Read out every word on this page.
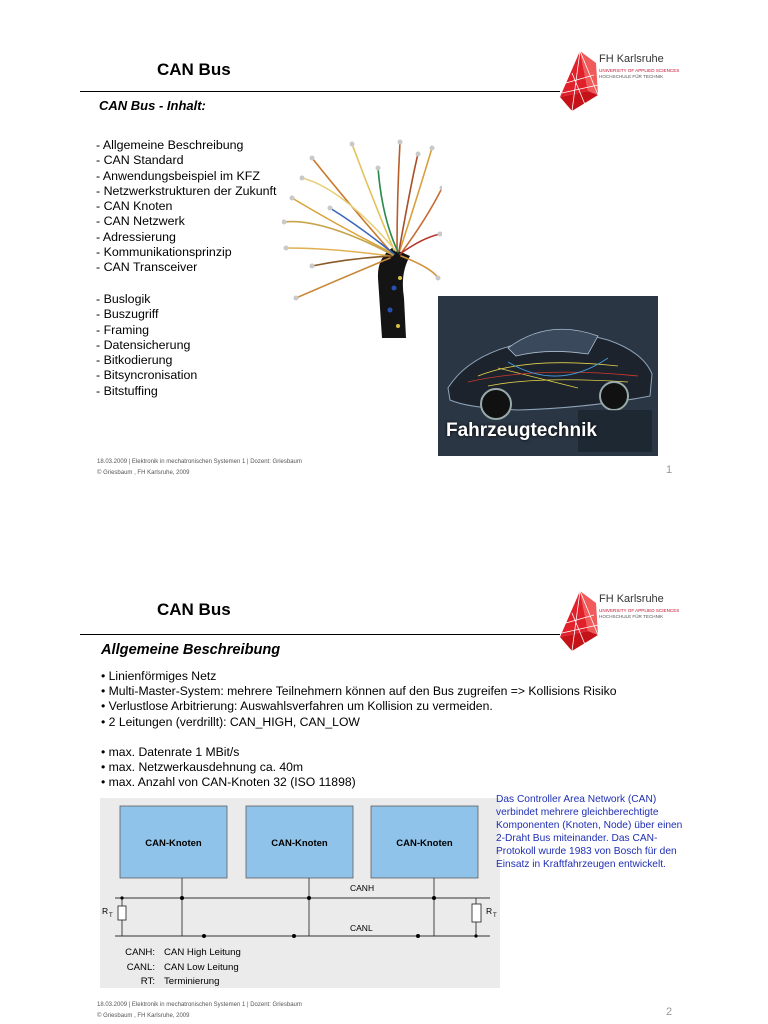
CAN Bus
FH Karlsruhe
UNIVERSITY OF APPLIED SCIENCES
HOCHSCHULE FÜR TECHNIK
CAN Bus - Inhalt:
- Allgemeine Beschreibung
- CAN Standard
- Anwendungsbeispiel im KFZ
- Netzwerkstrukturen der Zukunft
- CAN Knoten
- CAN Netzwerk
- Adressierung
- Kommunikationsprinzip
- CAN Transceiver
- Buslogik
- Buszugriff
- Framing
- Datensicherung
- Bitkodierung
- Bitsyncronisation
- Bitstuffing
Fahrzeugtechnik
18.03.2009 | Elektronik in mechatronischen Systemen 1 | Dozent: Griesbaum
© Griesbaum , FH Karlsruhe, 2009	1
CAN Bus
FH Karlsruhe
UNIVERSITY OF APPLIED SCIENCES
HOCHSCHULE FÜR TECHNIK
Allgemeine Beschreibung
• Linienförmiges Netz
• Multi-Master-System: mehrere Teilnehmern können auf den Bus zugreifen => Kollisions Risiko
• Verlustlose Arbitrierung: Auswahlsverfahren um Kollision zu vermeiden.
• 2 Leitungen (verdrillt): CAN_HIGH, CAN_LOW
• max. Datenrate 1 MBit/s
• max. Netzwerkausdehnung ca. 40m
• max. Anzahl von CAN-Knoten 32 (ISO 11898)
CAN-Knoten	CAN-Knoten	CAN-Knoten
CANH
CANL
R T	R T
CANH: CAN High Leitung
CANL: CAN Low Leitung
RT: Terminierung
Das Controller Area Network (CAN) verbindet mehrere gleichberechtigte Komponenten (Knoten, Node) über einen 2-Draht Bus miteinander. Das CAN-Protokoll wurde 1983 von Bosch für den Einsatz in Kraftfahrzeugen entwickelt.
18.03.2009 | Elektronik in mechatronischen Systemen 1 | Dozent: Griesbaum
© Griesbaum , FH Karlsruhe, 2009	2
